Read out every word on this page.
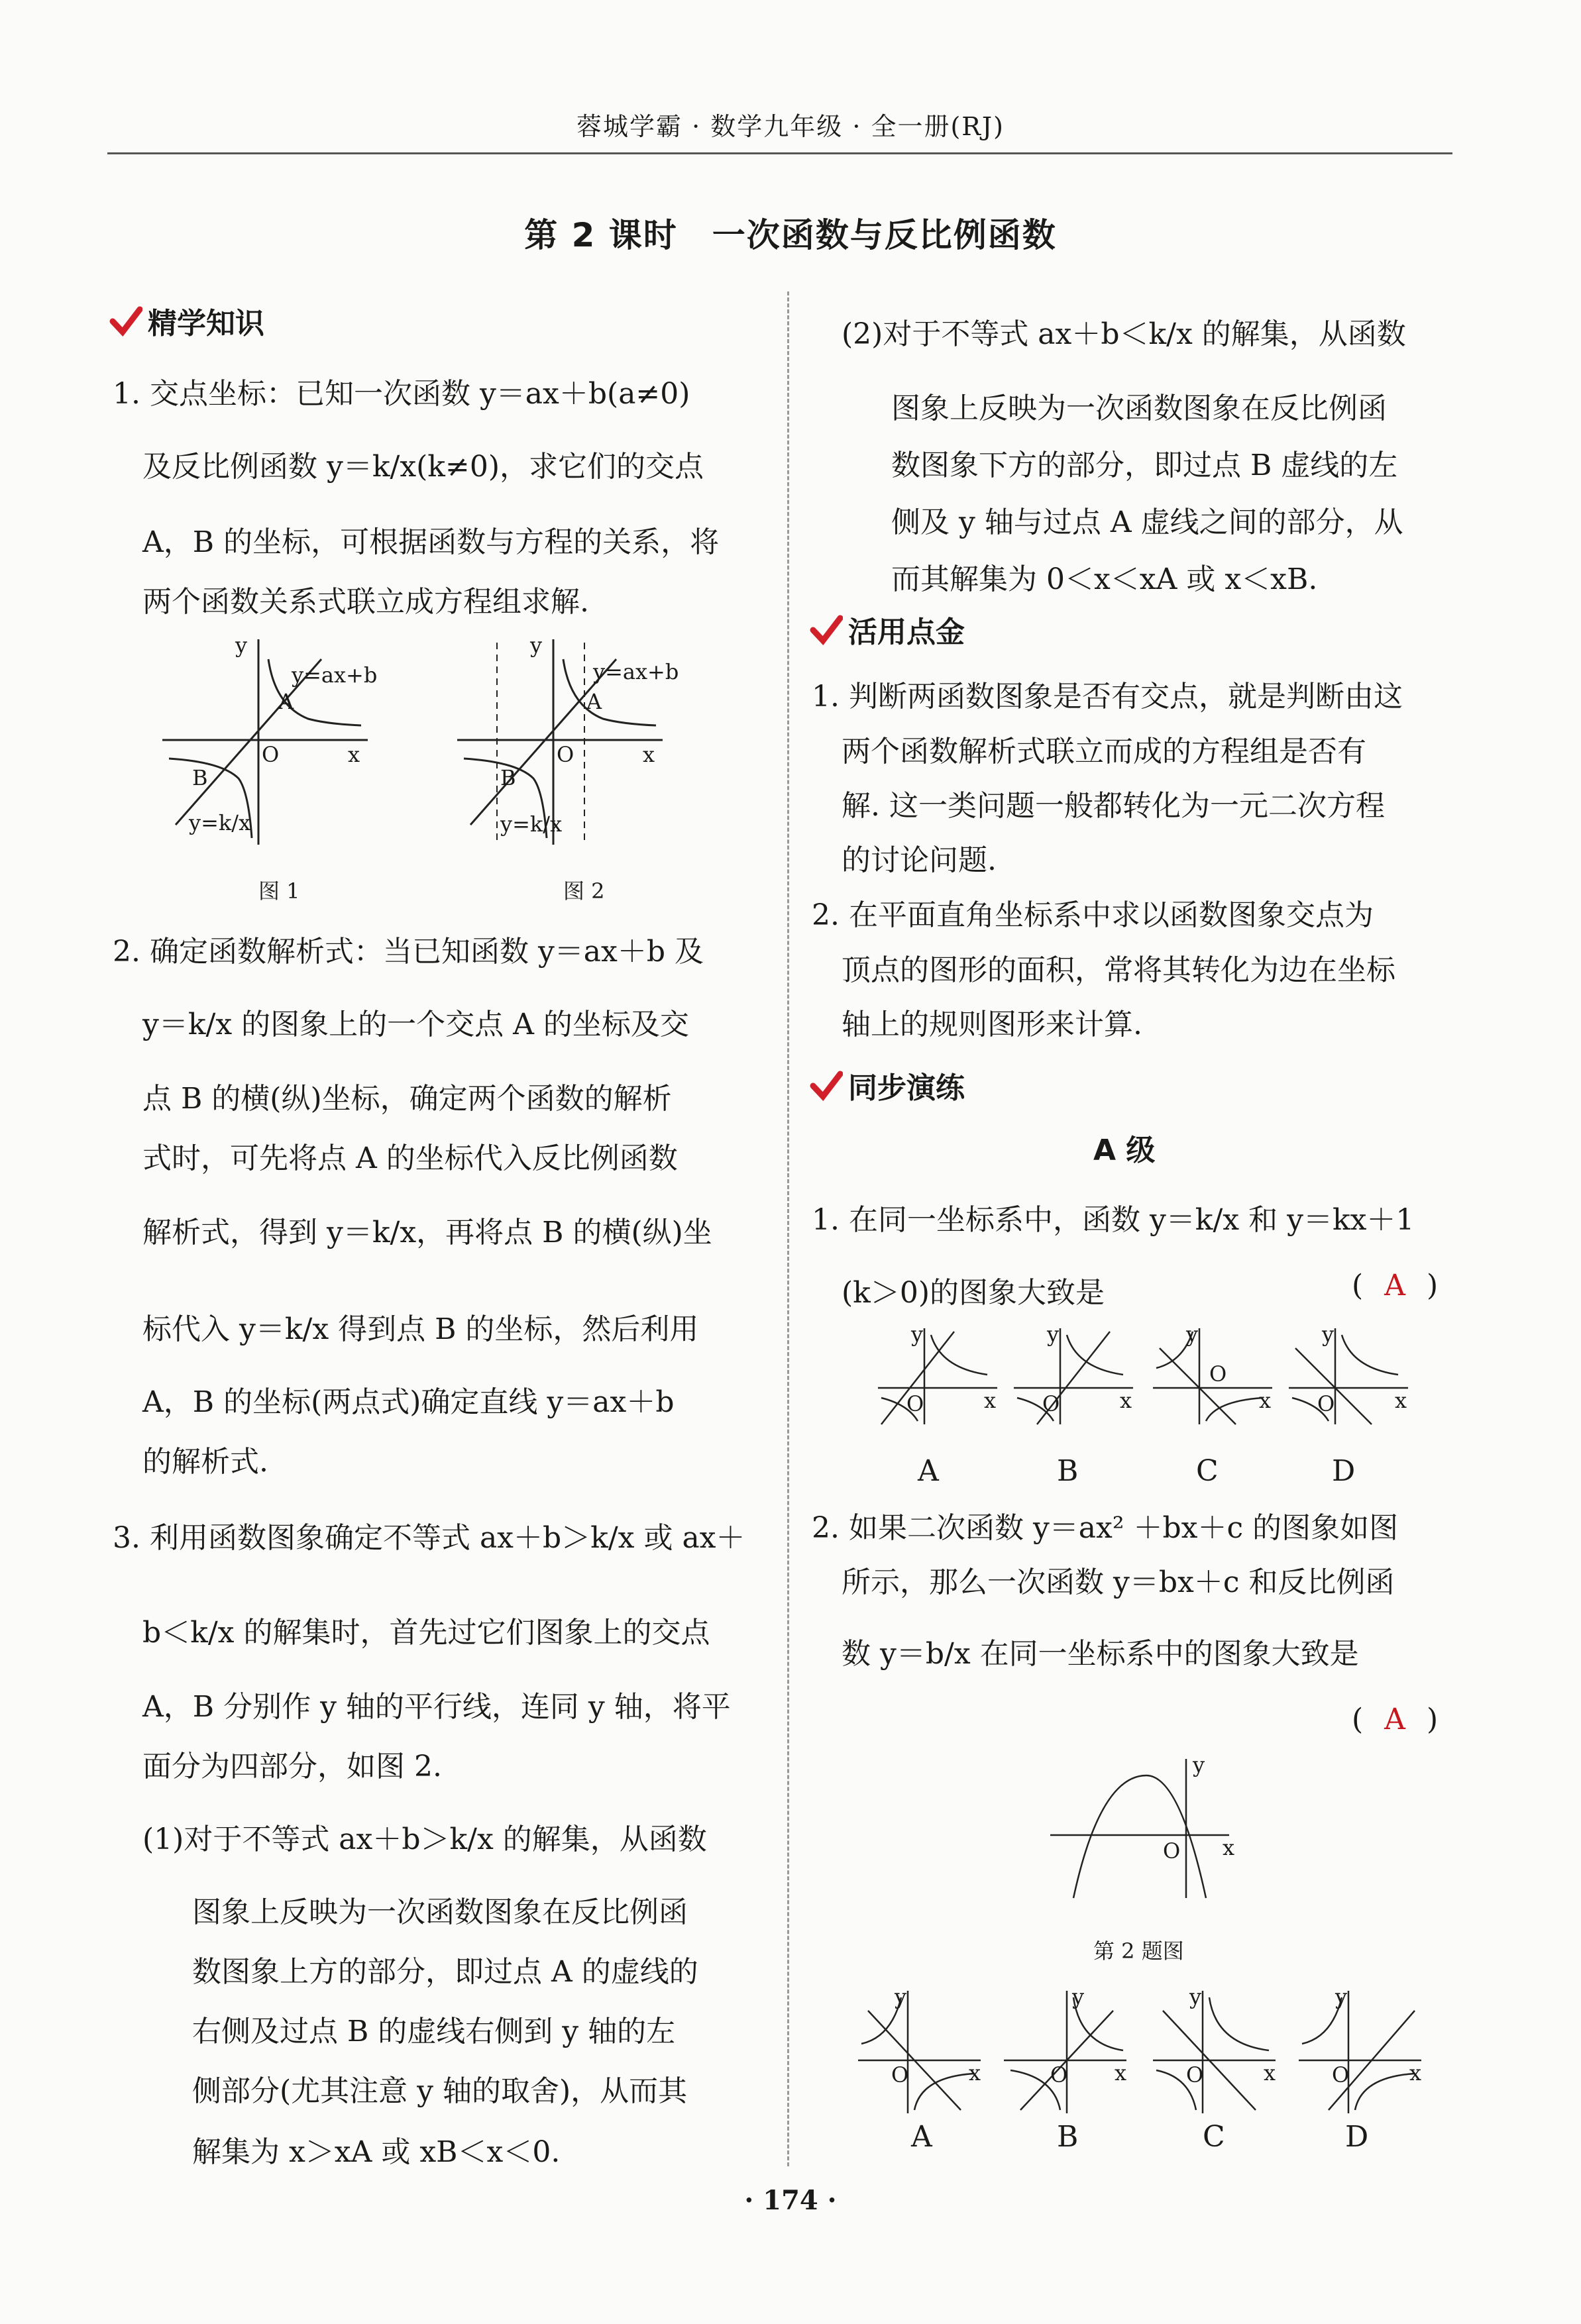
蓉城学霸 · 数学九年级 · 全一册(RJ)
第 2 课时　一次函数与反比例函数
精学知识
1. 交点坐标：已知一次函数 y＝ax＋b(a≠0)
及反比例函数 y＝k/x(k≠0)，求它们的交点
A，B 的坐标，可根据函数与方程的关系，将
两个函数关系式联立成方程组求解.
y
x
O
y=ax+b
A
B
y=k/x
图 1
y
x
O
y=ax+b
A
B
y=k/x
图 2
2. 确定函数解析式：当已知函数 y＝ax＋b 及
y＝k/x 的图象上的一个交点 A 的坐标及交
点 B 的横(纵)坐标，确定两个函数的解析
式时，可先将点 A 的坐标代入反比例函数
解析式，得到 y＝k/x，再将点 B 的横(纵)坐
标代入 y＝k/x 得到点 B 的坐标，然后利用
A，B 的坐标(两点式)确定直线 y＝ax＋b
的解析式.
3. 利用函数图象确定不等式 ax＋b＞k/x 或 ax＋
b＜k/x 的解集时，首先过它们图象上的交点
A，B 分别作 y 轴的平行线，连同 y 轴，将平
面分为四部分，如图 2.
(1)对于不等式 ax＋b＞k/x 的解集，从函数
图象上反映为一次函数图象在反比例函
数图象上方的部分，即过点 A 的虚线的
右侧及过点 B 的虚线右侧到 y 轴的左
侧部分(尤其注意 y 轴的取舍)，从而其
解集为 x＞xA 或 xB＜x＜0.
(2)对于不等式 ax＋b＜k/x 的解集，从函数
图象上反映为一次函数图象在反比例函
数图象下方的部分，即过点 B 虚线的左
侧及 y 轴与过点 A 虚线之间的部分，从
而其解集为 0＜x＜xA 或 x＜xB.
活用点金
1. 判断两函数图象是否有交点，就是判断由这
两个函数解析式联立而成的方程组是否有
解. 这一类问题一般都转化为一元二次方程
的讨论问题.
2. 在平面直角坐标系中求以函数图象交点为
顶点的图形的面积，常将其转化为边在坐标
轴上的规则图形来计算.
同步演练
A 级
1. 在同一坐标系中，函数 y＝k/x 和 y＝kx＋1
(k＞0)的图象大致是	( A )
y
x
O
y
x
O
y
x
O
y
x
O
A	B	C	D
2. 如果二次函数 y＝ax² ＋bx＋c 的图象如图
所示，那么一次函数 y＝bx＋c 和反比例函
数 y＝b/x 在同一坐标系中的图象大致是
( A )
y
x
O
第 2 题图
y
x
O
y
x
O
y
x
O
y
x
O
A	B	C	D
· 174 ·
